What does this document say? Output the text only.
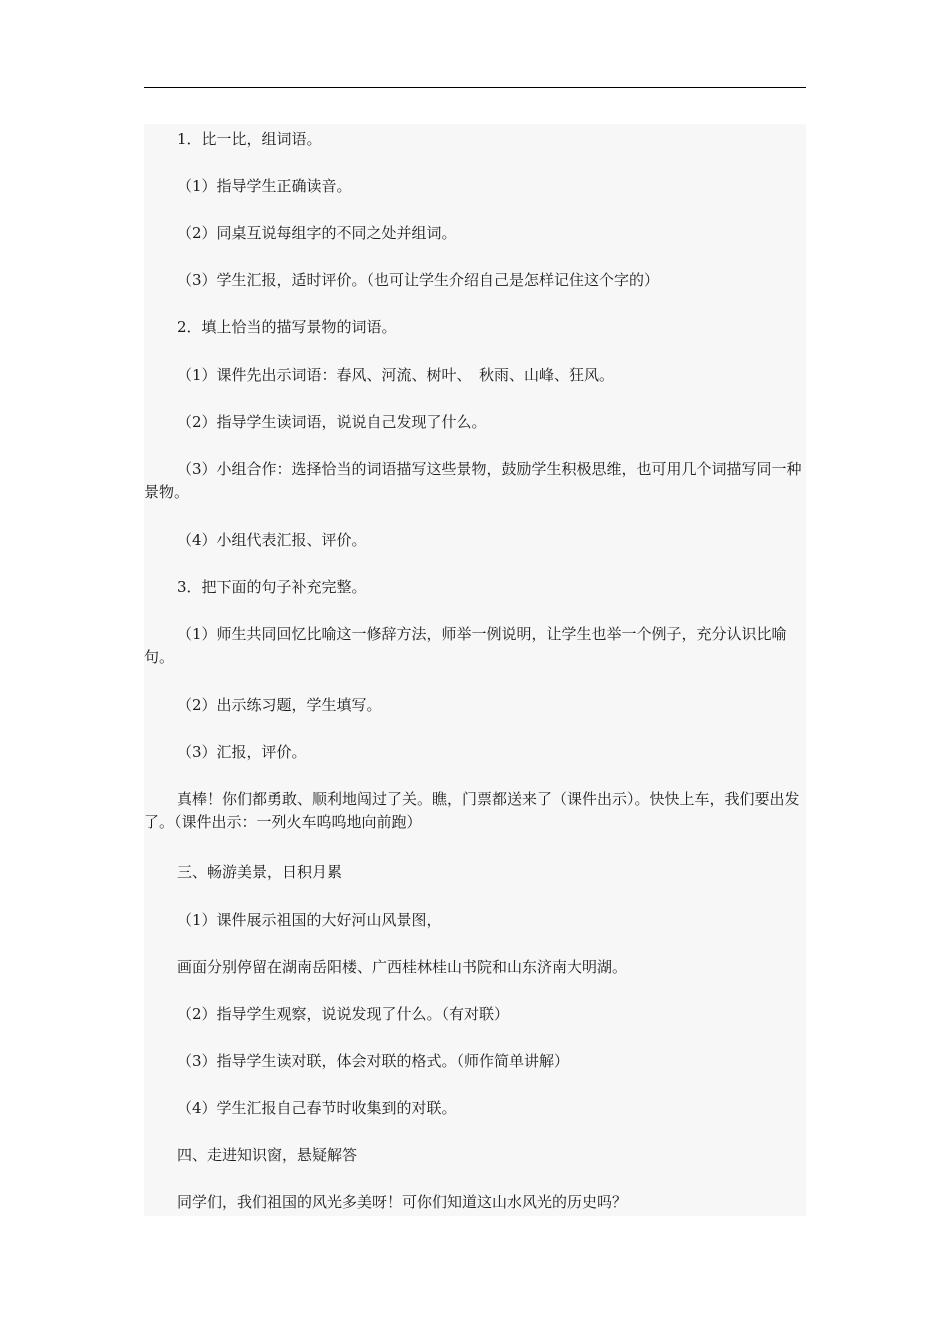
1．比一比，组词语。

（1）指导学生正确读音。

（2）同桌互说每组字的不同之处并组词。

（3）学生汇报，适时评价。（也可让学生介绍自己是怎样记住这个字的）

2．填上恰当的描写景物的词语。

（1）课件先出示词语：春风、河流、树叶、　秋雨、山峰、狂风。

（2）指导学生读词语，说说自己发现了什么。

（3）小组合作：选择恰当的词语描写这些景物，鼓励学生积极思维，也可用几个词描写同一种景物。

（4）小组代表汇报、评价。

3．把下面的句子补充完整。

（1）师生共同回忆比喻这一修辞方法，师举一例说明，让学生也举一个例子，充分认识比喻句。

（2）出示练习题，学生填写。

（3）汇报，评价。

真棒！你们都勇敢、顺利地闯过了关。瞧，门票都送来了（课件出示）。快快上车，我们要出发了。（课件出示：一列火车呜呜地向前跑）

三、畅游美景，日积月累

（1）课件展示祖国的大好河山风景图，

画面分别停留在湖南岳阳楼、广西桂林桂山书院和山东济南大明湖。

（2）指导学生观察，说说发现了什么。（有对联）

（3）指导学生读对联，体会对联的格式。（师作简单讲解）

（4）学生汇报自己春节时收集到的对联。

四、走进知识窗，悬疑解答

同学们，我们祖国的风光多美呀！可你们知道这山水风光的历史吗？
